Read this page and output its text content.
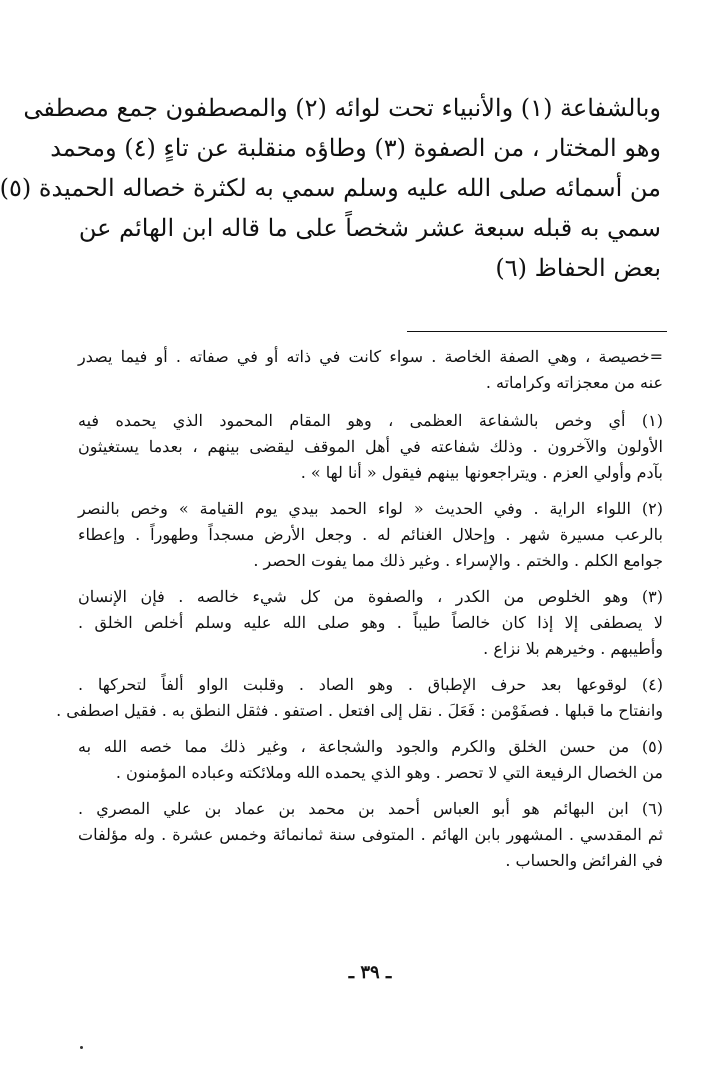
وبالشفاعة (١) والأنبياء تحت لوائه (٢) والمصطفون جمع مصطفى
وهو المختار ، من الصفوة (٣) وطاؤه منقلبة عن تاءٍ (٤) ومحمد
من أسمائه صلى الله عليه وسلم سمي به لكثرة خصاله الحميدة (٥)
سمي به قبله سبعة عشر شخصاً على ما قاله ابن الهائم عن
بعض الحفاظ (٦)
=خصيصة ، وهي الصفة الخاصة . سواء كانت في ذاته أو في صفاته . أو فيما يصدر
عنه من معجزاته وكراماته .
(١) أي وخص بالشفاعة العظمى ، وهو المقام المحمود الذي يحمده فيه
الأولون والآخرون . وذلك شفاعته في أهل الموقف ليقضى بينهم ، بعدما يستغيثون
بآدم وأولي العزم . ويتراجعونها بينهم فيقول « أنا لها » .
(٢) اللواء الراية . وفي الحديث « لواء الحمد بيدي يوم القيامة » وخص بالنصر
بالرعب مسيرة شهر . وإحلال الغنائم له . وجعل الأرض مسجداً وطهوراً . وإعطاء
جوامع الكلم . والختم . والإسراء . وغير ذلك مما يفوت الحصر .
(٣) وهو الخلوص من الكدر ، والصفوة من كل شيء خالصه . فإن الإنسان
لا يصطفى إلا إذا كان خالصاً طيباً . وهو صلى الله عليه وسلم أخلص الخلق .
وأطيبهم . وخيرهم بلا نزاع .
(٤) لوقوعها بعد حرف الإطباق . وهو الصاد . وقلبت الواو ألفاً لتحركها .
وانفتاح ما قبلها . فصفَوْمن : فَعَلَ . نقل إلى افتعل . اصتفو . فثقل النطق به . فقيل اصطفى .
(٥) من حسن الخلق والكرم والجود والشجاعة ، وغير ذلك مما خصه الله به
من الخصال الرفيعة التي لا تحصر . وهو الذي يحمده الله وملائكته وعباده المؤمنون .
(٦) ابن البهائم هو أبو العباس أحمد بن محمد بن عماد بن علي المصري .
ثم المقدسي . المشهور بابن الهائم . المتوفى سنة ثمانمائة وخمس عشرة . وله مؤلفات
في الفرائض والحساب .
ـ ٣٩ ـ
